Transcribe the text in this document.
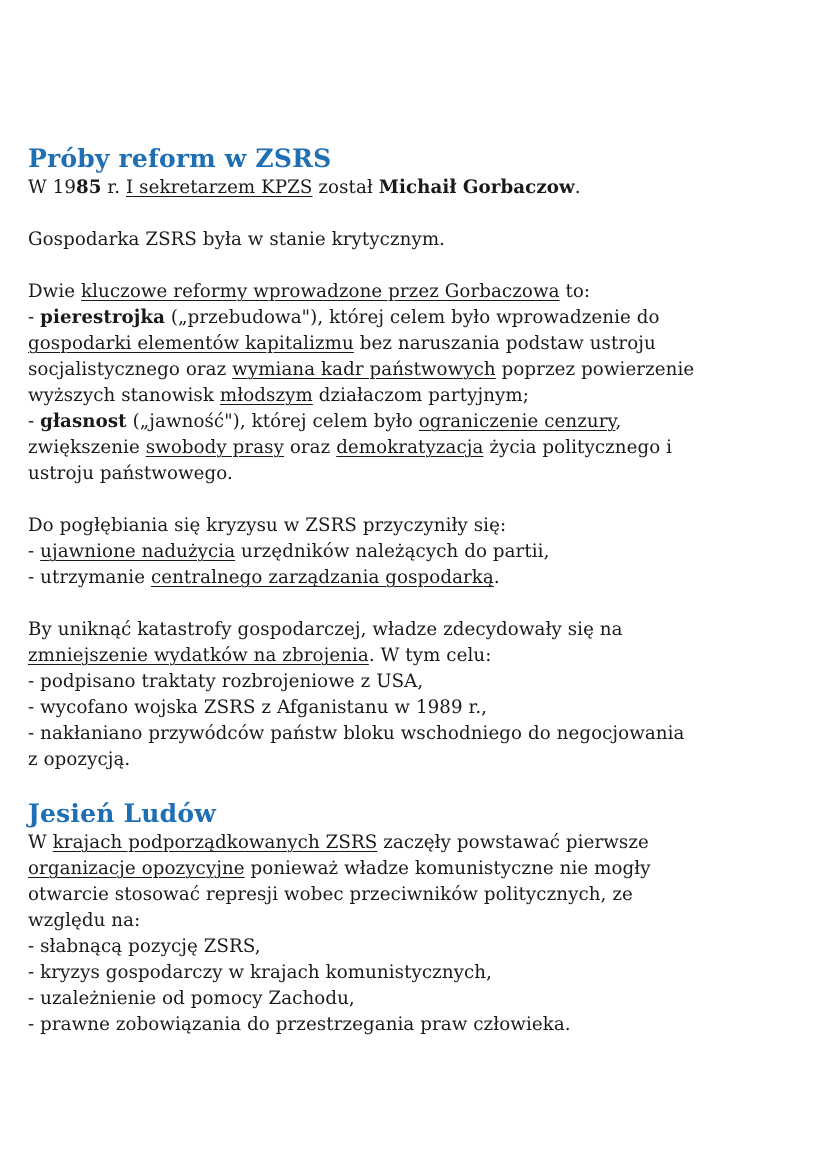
Próby reform w ZSRS

W 1985 r. I sekretarzem KPZS został Michaił Gorbaczow.

Gospodarka ZSRS była w stanie krytycznym.

Dwie kluczowe reformy wprowadzone przez Gorbaczowa to:

- pierestrojka („przebudowa"), której celem było wprowadzenie do

gospodarki elementów kapitalizmu bez naruszania podstaw ustroju

socjalistycznego oraz wymiana kadr państwowych poprzez powierzenie

wyższych stanowisk młodszym działaczom partyjnym;

- głasnost („jawność"), której celem było ograniczenie cenzury,

zwiększenie swobody prasy oraz demokratyzacja życia politycznego i

ustroju państwowego.

Do pogłębiania się kryzysu w ZSRS przyczyniły się:

- ujawnione nadużycia urzędników należących do partii,

- utrzymanie centralnego zarządzania gospodarką.

By uniknąć katastrofy gospodarczej, władze zdecydowały się na

zmniejszenie wydatków na zbrojenia. W tym celu:

- podpisano traktaty rozbrojeniowe z USA,

- wycofano wojska ZSRS z Afganistanu w 1989 r.,

- nakłaniano przywódców państw bloku wschodniego do negocjowania

z opozycją.

Jesień Ludów

W krajach podporządkowanych ZSRS zaczęły powstawać pierwsze

organizacje opozycyjne ponieważ władze komunistyczne nie mogły

otwarcie stosować represji wobec przeciwników politycznych, ze

względu na:

- słabnącą pozycję ZSRS,

- kryzys gospodarczy w krajach komunistycznych,

- uzależnienie od pomocy Zachodu,

- prawne zobowiązania do przestrzegania praw człowieka.
